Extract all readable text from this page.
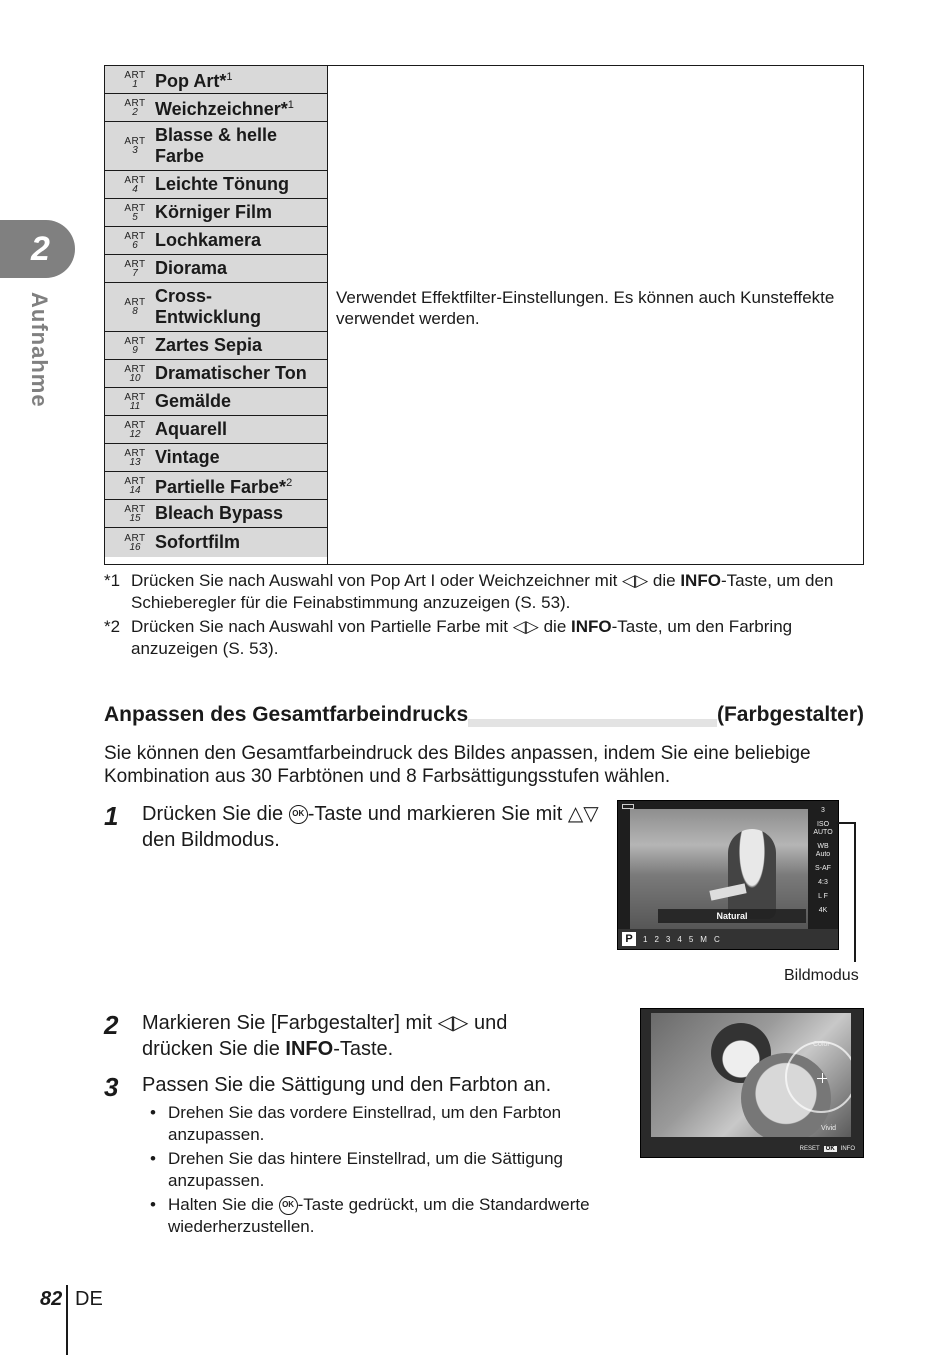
2
Aufnahme
ART
1 Pop Art*$^1$
ART
2 Weichzeichner*$^1$
ART
3
Blasse & helle Farbe
ART
4 Leichte Tönung
ART
5 Körniger Film
ART
6 Lochkamera
ART
7 Diorama
ART
8
Cross-Entwicklung
ART
9 Zartes Sepia
ART
10 Dramatischer Ton
ART
11 Gemälde
ART
12 Aquarell
ART
13 Vintage
ART
14 Partielle Farbe*$^2$
ART
15 Bleach Bypass
ART
16 Sofortfilm
Verwendet Effektfilter-Einstellungen. Es können auch Kunsteffekte verwendet werden.
*1 Drücken Sie nach Auswahl von Pop Art I oder Weichzeichner mit ◁▷ die INFO-Taste, um den Schieberegler für die Feinabstimmung anzuzeigen (S. 53).
*2 Drücken Sie nach Auswahl von Partielle Farbe mit ◁▷ die INFO-Taste, um den Farbring anzuzeigen (S. 53).
Anpassen des Gesamtfarbeindrucks	(Farbgestalter)
Sie können den Gesamtfarbeindruck des Bildes anpassen, indem Sie eine beliebige Kombination aus 30 Farbtönen und 8 Farbsättigungsstufen wählen.
1 Drücken Sie die OK -Taste und markieren Sie mit △▽ den Bildmodus.
2 Markieren Sie [Farbgestalter] mit ◁▷ und drücken Sie die INFO-Taste.
3 Passen Sie die Sättigung und den Farbton an.
• Drehen Sie das vordere Einstellrad, um den Farbton anzupassen.
• Drehen Sie das hintere Einstellrad, um die Sättigung anzupassen.
• Halten Sie die OK -Taste gedrückt, um die Standardwerte wiederherzustellen.
Natural
3
ISO AUTO
WB Auto
S-AF
4:3
L F
4K
P	1 2 3 4 5 M C
Bildmodus
Color
Vivid
RESET	OK	INFO
82 DE
